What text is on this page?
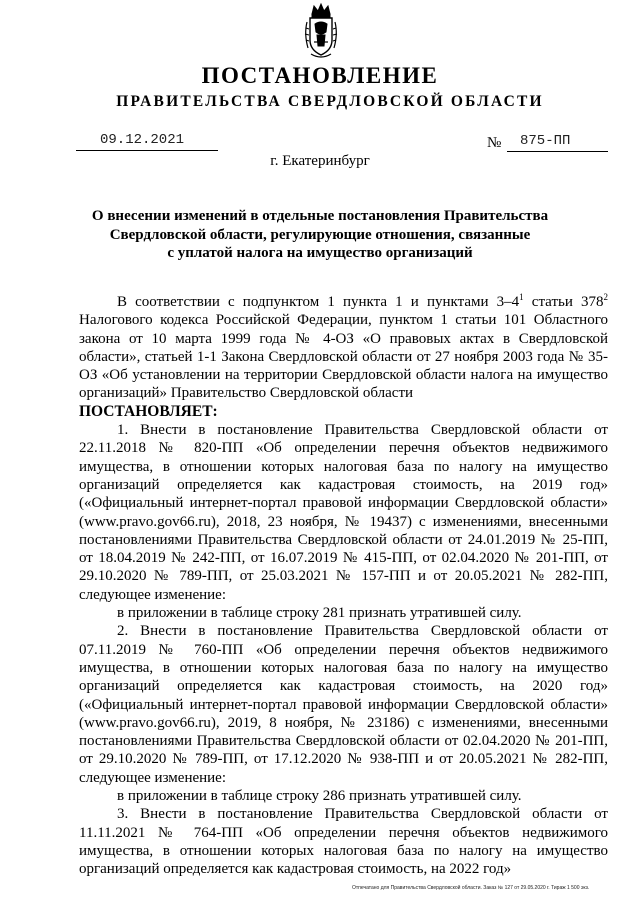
ПОСТАНОВЛЕНИЕ
ПРАВИТЕЛЬСТВА СВЕРДЛОВСКОЙ ОБЛАСТИ
09.12.2021	№	875-ПП
г. Екатеринбург
О внесении изменений в отдельные постановления Правительства
Свердловской области, регулирующие отношения, связанные
с уплатой налога на имущество организаций

В соответствии с подпунктом 1 пункта 1 и пунктами $3-4^1$ статьи $378^2$ Налогового кодекса Российской Федерации, пунктом 1 статьи 101 Областного закона от 10 марта 1999 года № 4-ОЗ «О правовых актах в Свердловской области», статьей 1-1 Закона Свердловской области от 27 ноября 2003 года № 35-ОЗ «Об установлении на территории Свердловской области налога на имущество организаций» Правительство Свердловской области

ПОСТАНОВЛЯЕТ:

1. Внести в постановление Правительства Свердловской области от 22.11.2018 № 820-ПП «Об определении перечня объектов недвижимого имущества, в отношении которых налоговая база по налогу на имущество организаций определяется как кадастровая стоимость, на 2019 год» («Официальный интернет-портал правовой информации Свердловской области» (www.pravo.gov66.ru), 2018, 23 ноября, № 19437) с изменениями, внесенными постановлениями Правительства Свердловской области от 24.01.2019 № 25-ПП, от 18.04.2019 № 242-ПП, от 16.07.2019 № 415-ПП, от 02.04.2020 № 201-ПП, от 29.10.2020 № 789-ПП, от 25.03.2021 № 157-ПП и от 20.05.2021 № 282-ПП, следующее изменение:

в приложении в таблице строку 281 признать утратившей силу.

2. Внести в постановление Правительства Свердловской области от 07.11.2019 № 760-ПП «Об определении перечня объектов недвижимого имущества, в отношении которых налоговая база по налогу на имущество организаций определяется как кадастровая стоимость, на 2020 год» («Официальный интернет-портал правовой информации Свердловской области» (www.pravo.gov66.ru), 2019, 8 ноября, № 23186) с изменениями, внесенными постановлениями Правительства Свердловской области от 02.04.2020 № 201-ПП, от 29.10.2020 № 789-ПП, от 17.12.2020 № 938-ПП и от 20.05.2021 № 282-ПП, следующее изменение:

в приложении в таблице строку 286 признать утратившей силу.

3. Внести в постановление Правительства Свердловской области от 11.11.2021 № 764-ПП «Об определении перечня объектов недвижимого имущества, в отношении которых налоговая база по налогу на имущество организаций определяется как кадастровая стоимость, на 2022 год»

Отпечатано для Правительства Свердловской области. Заказ № 127 от 29.05.2020 г. Тираж 1 500 экз.
